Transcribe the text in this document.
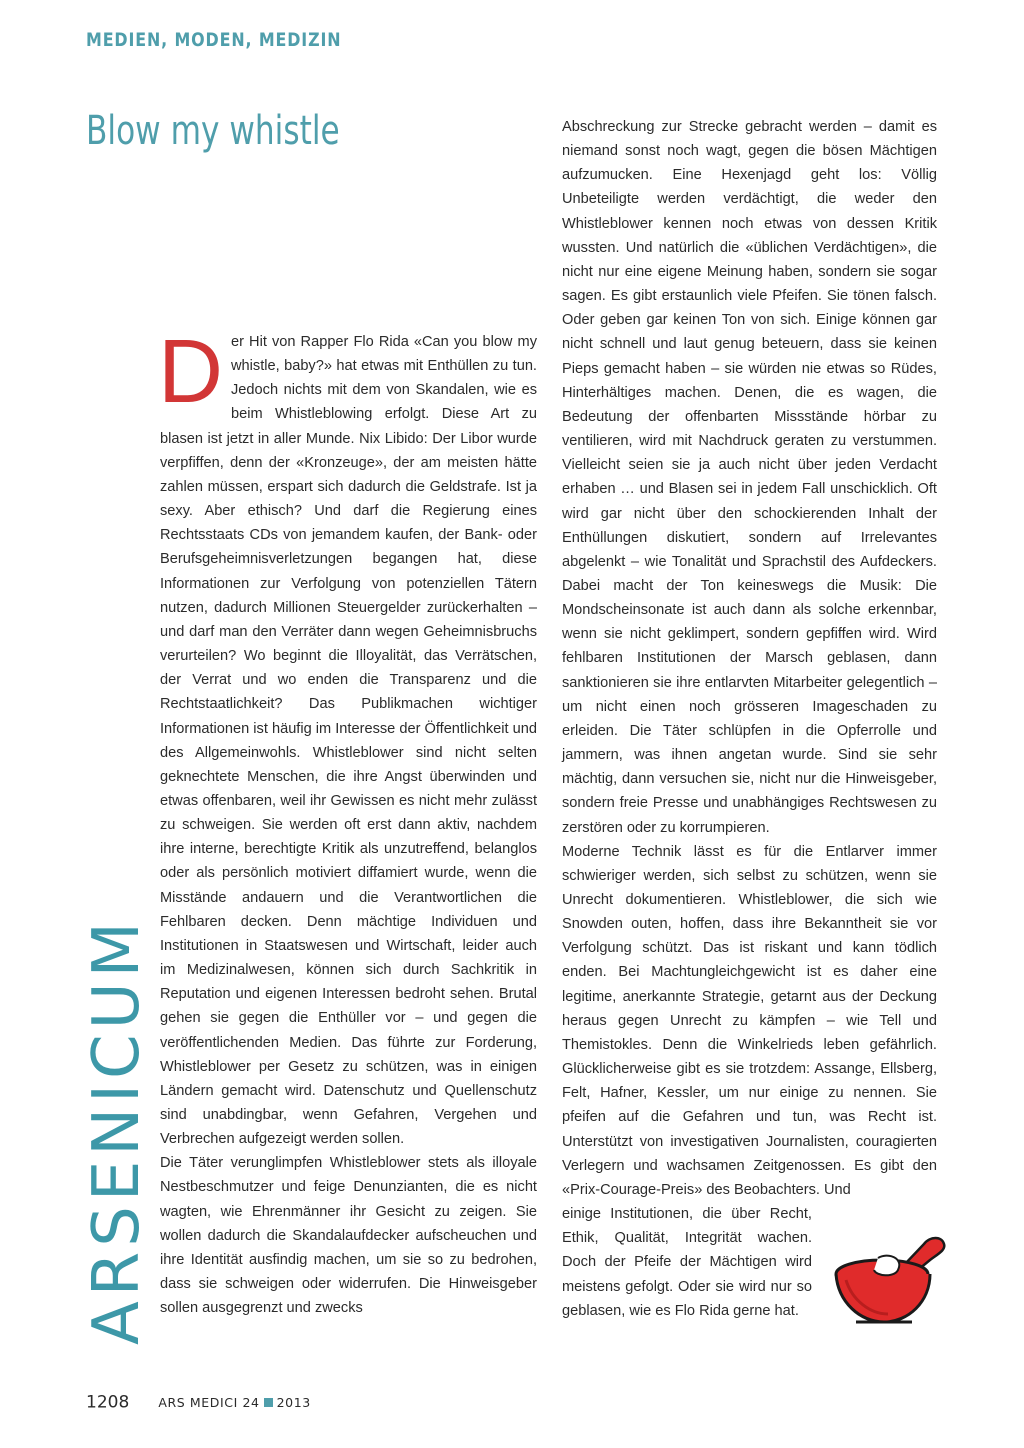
MEDIEN, MODEN, MEDIZIN
Blow my whistle
ARSENICUM

Der Hit von Rapper Flo Rida «Can you blow my whistle, baby?» hat etwas mit Enthüllen zu tun. Jedoch nichts mit dem von Skandalen, wie es beim Whistleblowing erfolgt. Diese Art zu blasen ist jetzt in aller Munde. Nix Libido: Der Libor wurde verpfiffen, denn der «Kronzeuge», der am meisten hätte zahlen müssen, erspart sich dadurch die Geldstrafe. Ist ja sexy. Aber ethisch? Und darf die Regierung eines Rechtsstaats CDs von jemandem kaufen, der Bank- oder Berufsgeheimnisverletzungen begangen hat, diese Informationen zur Verfolgung von potenziellen Tätern nutzen, dadurch Millionen Steuergelder zurückerhalten – und darf man den Verräter dann wegen Geheimnisbruchs verurteilen? Wo beginnt die Illoyalität, das Verrätschen, der Verrat und wo enden die Transparenz und die Rechtstaatlichkeit? Das Publikmachen wichtiger Informationen ist häufig im Interesse der Öffentlichkeit und des Allgemeinwohls. Whistleblower sind nicht selten geknechtete Menschen, die ihre Angst überwinden und etwas offenbaren, weil ihr Gewissen es nicht mehr zulässt zu schweigen. Sie werden oft erst dann aktiv, nachdem ihre interne, berechtigte Kritik als unzutreffend, belanglos oder als persönlich motiviert diffamiert wurde, wenn die Misstände andauern und die Verantwortlichen die Fehlbaren decken. Denn mächtige Individuen und Institutionen in Staatswesen und Wirtschaft, leider auch im Medizinalwesen, können sich durch Sachkritik in Reputation und eigenen Interessen bedroht sehen. Brutal gehen sie gegen die Enthüller vor – und gegen die veröffentlichenden Medien. Das führte zur Forderung, Whistleblower per Gesetz zu schützen, was in einigen Ländern gemacht wird. Datenschutz und Quellenschutz sind unabdingbar, wenn Gefahren, Vergehen und Verbrechen aufgezeigt werden sollen.

Die Täter verunglimpfen Whistleblower stets als illoyale Nestbeschmutzer und feige Denunzianten, die es nicht wagten, wie Ehrenmänner ihr Gesicht zu zeigen. Sie wollen dadurch die Skandalaufdecker aufscheuchen und ihre Identität ausfindig machen, um sie so zu bedrohen, dass sie schweigen oder widerrufen. Die Hinweisgeber sollen ausgegrenzt und zwecks

Abschreckung zur Strecke gebracht werden – damit es niemand sonst noch wagt, gegen die bösen Mächtigen aufzumucken. Eine Hexenjagd geht los: Völlig Unbeteiligte werden verdächtigt, die weder den Whistleblower kennen noch etwas von dessen Kritik wussten. Und natürlich die «üblichen Verdächtigen», die nicht nur eine eigene Meinung haben, sondern sie sogar sagen. Es gibt erstaunlich viele Pfeifen. Sie tönen falsch. Oder geben gar keinen Ton von sich. Einige können gar nicht schnell und laut genug beteuern, dass sie keinen Pieps gemacht haben – sie würden nie etwas so Rüdes, Hinterhältiges machen. Denen, die es wagen, die Bedeutung der offenbarten Missstände hörbar zu ventilieren, wird mit Nachdruck geraten zu verstummen. Vielleicht seien sie ja auch nicht über jeden Verdacht erhaben … und Blasen sei in jedem Fall unschicklich. Oft wird gar nicht über den schockierenden Inhalt der Enthüllungen diskutiert, sondern auf Irrelevantes abgelenkt – wie Tonalität und Sprachstil des Aufdeckers. Dabei macht der Ton keineswegs die Musik: Die Mondscheinsonate ist auch dann als solche erkennbar, wenn sie nicht geklimpert, sondern gepfiffen wird. Wird fehlbaren Institutionen der Marsch geblasen, dann sanktionieren sie ihre entlarvten Mitarbeiter gelegentlich – um nicht einen noch grösseren Imageschaden zu erleiden. Die Täter schlüpfen in die Opferrolle und jammern, was ihnen angetan wurde. Sind sie sehr mächtig, dann versuchen sie, nicht nur die Hinweisgeber, sondern freie Presse und unabhängiges Rechtswesen zu zerstören oder zu korrumpieren.

Moderne Technik lässt es für die Entlarver immer schwieriger werden, sich selbst zu schützen, wenn sie Unrecht dokumentieren. Whistleblower, die sich wie Snowden outen, hoffen, dass ihre Bekanntheit sie vor Verfolgung schützt. Das ist riskant und kann tödlich enden. Bei Machtungleichgewicht ist es daher eine legitime, anerkannte Strategie, getarnt aus der Deckung heraus gegen Unrecht zu kämpfen – wie Tell und Themistokles. Denn die Winkelrieds leben gefährlich. Glücklicherweise gibt es sie trotzdem: Assange, Ellsberg, Felt, Hafner, Kessler, um nur einige zu nennen. Sie pfeifen auf die Gefahren und tun, was Recht ist. Unterstützt von investigativen Journalisten, couragierten Verlegern und wachsamen Zeitgenossen. Es gibt den «Prix-Courage-Preis» des Beobachters. Und

einige Institutionen, die über Recht, Ethik, Qualität, Integrität wachen. Doch der Pfeife der Mächtigen wird meistens gefolgt. Oder sie wird nur so geblasen, wie es Flo Rida gerne hat.

1208 ARS MEDICI 24 2013
